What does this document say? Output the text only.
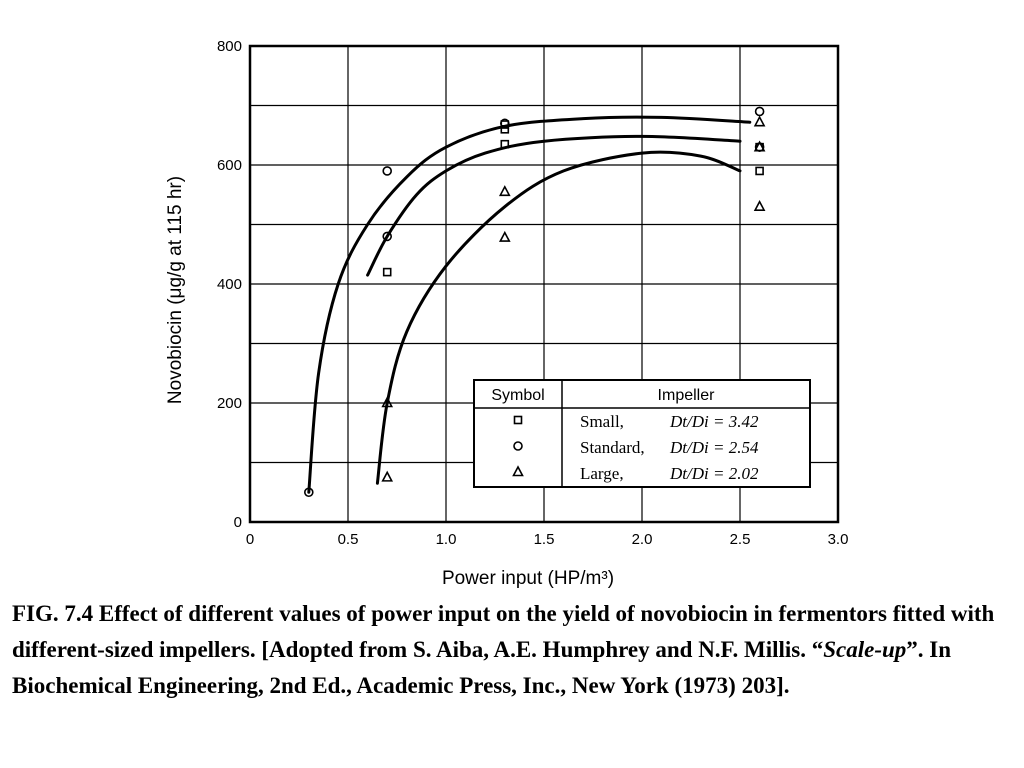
0	0.5	1.0	1.5	2.0	2.5	3.0
0
200
400
600
800
Power input (HP/m³)
Novobiocin (μg/g at 115 hr)	Symbol	Impeller
Small,	Dt/Di = 3.42
Standard, Dt/Di = 2.54
Large,	Dt/Di = 2.02
FIG. 7.4 Effect of different values of power input on the yield of novobiocin in fermentors fitted with different-sized impellers. [Adopted from S. Aiba, A.E. Humphrey and N.F. Millis. “Scale-up”. In Biochemical Engineering, 2nd Ed., Academic Press, Inc., New York (1973) 203].
